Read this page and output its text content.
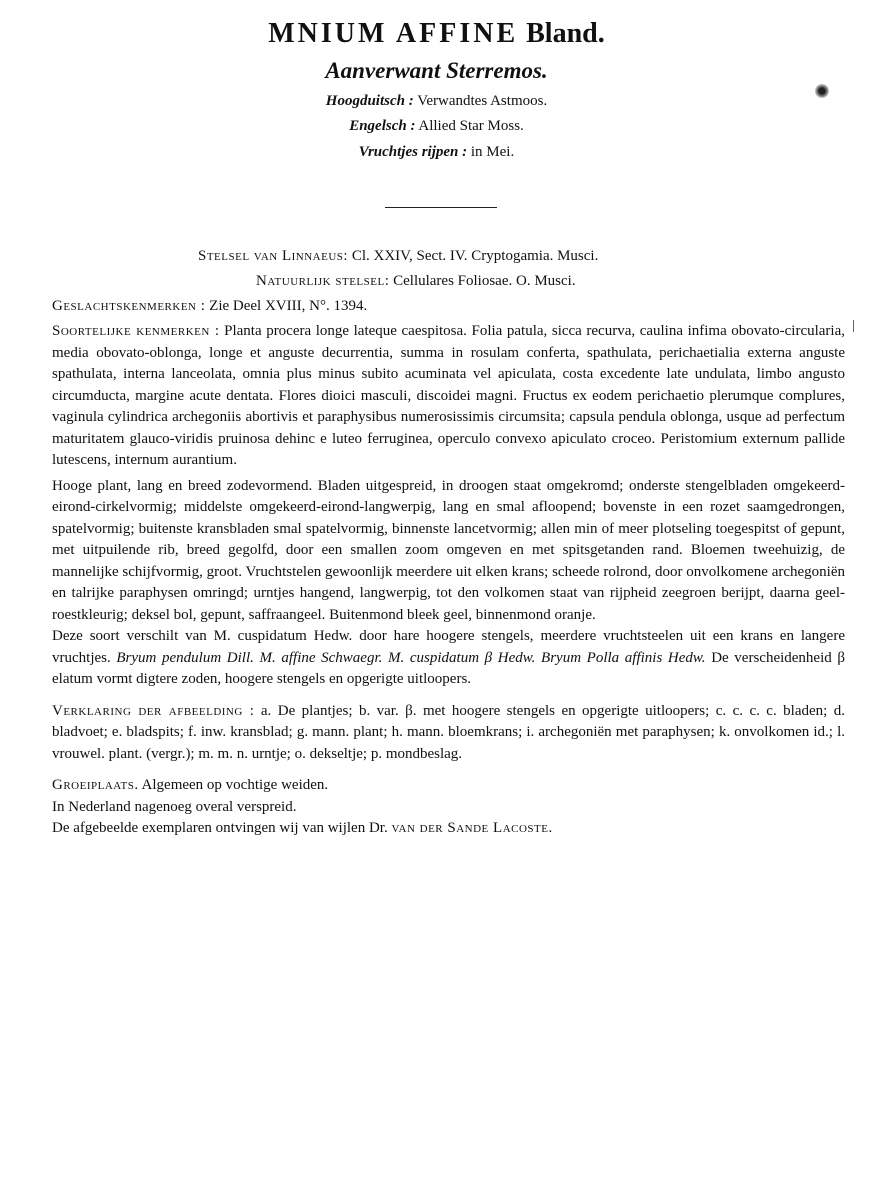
MNIUM AFFINE Bland.
Aanverwant Sterremos.
Hoogduitsch : Verwandtes Astmoos.
Engelsch : Allied Star Moss.
Vruchtjes rijpen : in Mei.
Stelsel van Linnaeus: Cl. XXIV, Sect. IV. Cryptogamia. Musci.
Natuurlijk stelsel: Cellulares Foliosae. O. Musci.
Geslachtskenmerken : Zie Deel XVIII, N°. 1394.

Soortelijke kenmerken : Planta procera longe lateque caespitosa. Folia patula, sicca recurva, caulina infima obovato-circularia, media obovato-oblonga, longe et anguste decurrentia, summa in rosulam conferta, spathulata, perichaetialia externa anguste spathulata, interna lanceolata, omnia plus minus subito acuminata vel apiculata, costa excedente late undulata, limbo angusto circumducta, margine acute dentata. Flores dioici masculi, discoidei magni. Fructus ex eodem perichaetio plerumque complures, vaginula cylindrica archegoniis abortivis et paraphysibus numerosissimis circumsita; capsula pendula oblonga, usque ad perfectum maturitatem glauco-viridis pruinosa dehinc e luteo ferruginea, operculo convexo apiculato croceo. Peristomium externum pallide lutescens, internum aurantium.

Hooge plant, lang en breed zodevormend. Bladen uitgespreid, in droogen staat omgekromd; onderste stengelbladen omgekeerd-eirond-cirkelvormig; middelste omgekeerd-eirond-langwerpig, lang en smal afloopend; bovenste in een rozet saamgedrongen, spatelvormig; buitenste kransbladen smal spatelvormig, binnenste lancetvormig; allen min of meer plotseling toegespitst of gepunt, met uitpuilende rib, breed gegolfd, door een smallen zoom omgeven en met spitsgetanden rand. Bloemen tweehuizig, de mannelijke schijfvormig, groot. Vruchtstelen gewoonlijk meerdere uit elken krans; scheede rolrond, door onvolkomene archegoniën en talrijke paraphysen omringd; urntjes hangend, langwerpig, tot den volkomen staat van rijpheid zeegroen berijpt, daarna geel-roestkleurig; deksel bol, gepunt, saffraangeel. Buitenmond bleek geel, binnenmond oranje.

Deze soort verschilt van M. cuspidatum Hedw. door hare hoogere stengels, meerdere vruchtsteelen uit een krans en langere vruchtjes. Bryum pendulum Dill. M. affine Schwaegr. M. cuspidatum β Hedw. Bryum Polla affinis Hedw. De verscheidenheid β elatum vormt digtere zoden, hoogere stengels en opgerigte uitloopers.

Verklaring der afbeelding : a. De plantjes; b. var. β. met hoogere stengels en opgerigte uitloopers; c. c. c. c. bladen; d. bladvoet; e. bladspits; f. inw. kransblad; g. mann. plant; h. mann. bloemkrans; i. archegoniën met paraphysen; k. onvolkomen id.; l. vrouwel. plant. (vergr.); m. m. n. urntje; o. dekseltje; p. mondbeslag.

Groeiplaats. Algemeen op vochtige weiden.

In Nederland nagenoeg overal verspreid.

De afgebeelde exemplaren ontvingen wij van wijlen Dr. van der Sande Lacoste.
